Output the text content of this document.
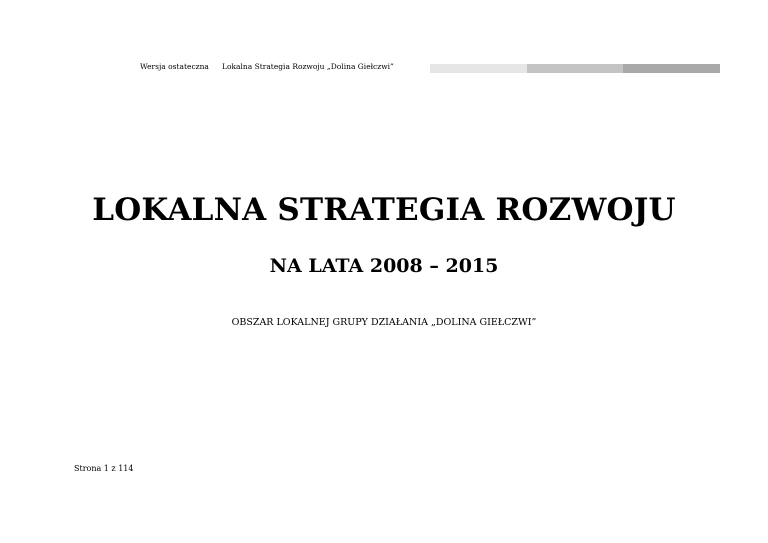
Wersja ostateczna Lokalna Strategia Rozwoju „Dolina Giełczwi”
LOKALNA STRATEGIA ROZWOJU
NA LATA 2008 – 2015
OBSZAR LOKALNEJ GRUPY DZIAŁANIA „DOLINA GIEŁCZWI”
Strona 1 z 114
